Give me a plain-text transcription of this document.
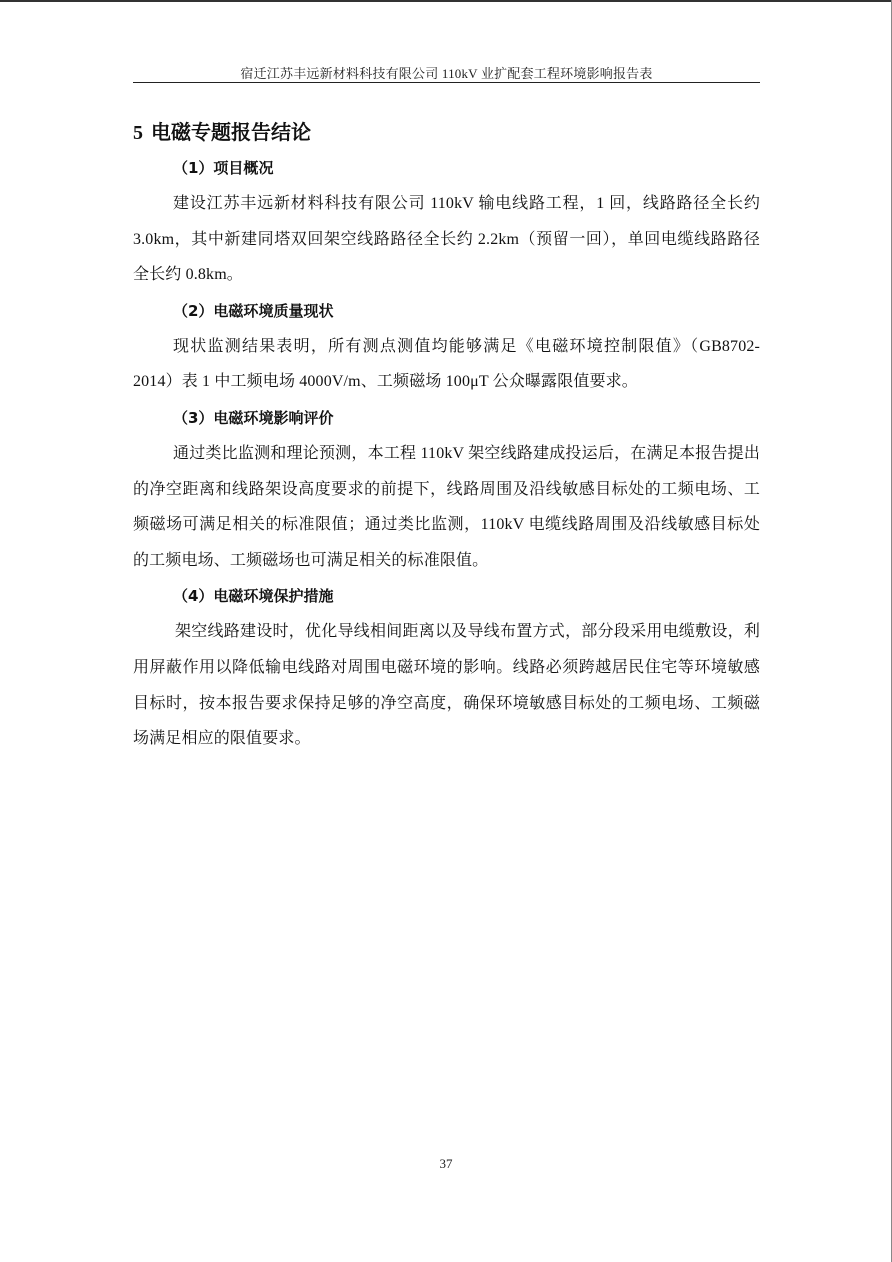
宿迁江苏丰远新材料科技有限公司 110kV 业扩配套工程环境影响报告表
5 电磁专题报告结论
（1）项目概况

建设江苏丰远新材料科技有限公司 110kV 输电线路工程，1 回，线路路径全长约 3.0km，其中新建同塔双回架空线路路径全长约 2.2km（预留一回），单回电缆线路路径全长约 0.8km。

（2）电磁环境质量现状

现状监测结果表明，所有测点测值均能够满足《电磁环境控制限值》（GB8702-2014）表 1 中工频电场 4000V/m、工频磁场 100μT 公众曝露限值要求。

（3）电磁环境影响评价

通过类比监测和理论预测，本工程 110kV 架空线路建成投运后，在满足本报告提出的净空距离和线路架设高度要求的前提下，线路周围及沿线敏感目标处的工频电场、工频磁场可满足相关的标准限值；通过类比监测，110kV 电缆线路周围及沿线敏感目标处的工频电场、工频磁场也可满足相关的标准限值。

（4）电磁环境保护措施

架空线路建设时，优化导线相间距离以及导线布置方式，部分段采用电缆敷设，利用屏蔽作用以降低输电线路对周围电磁环境的影响。线路必须跨越居民住宅等环境敏感目标时，按本报告要求保持足够的净空高度，确保环境敏感目标处的工频电场、工频磁场满足相应的限值要求。

37
